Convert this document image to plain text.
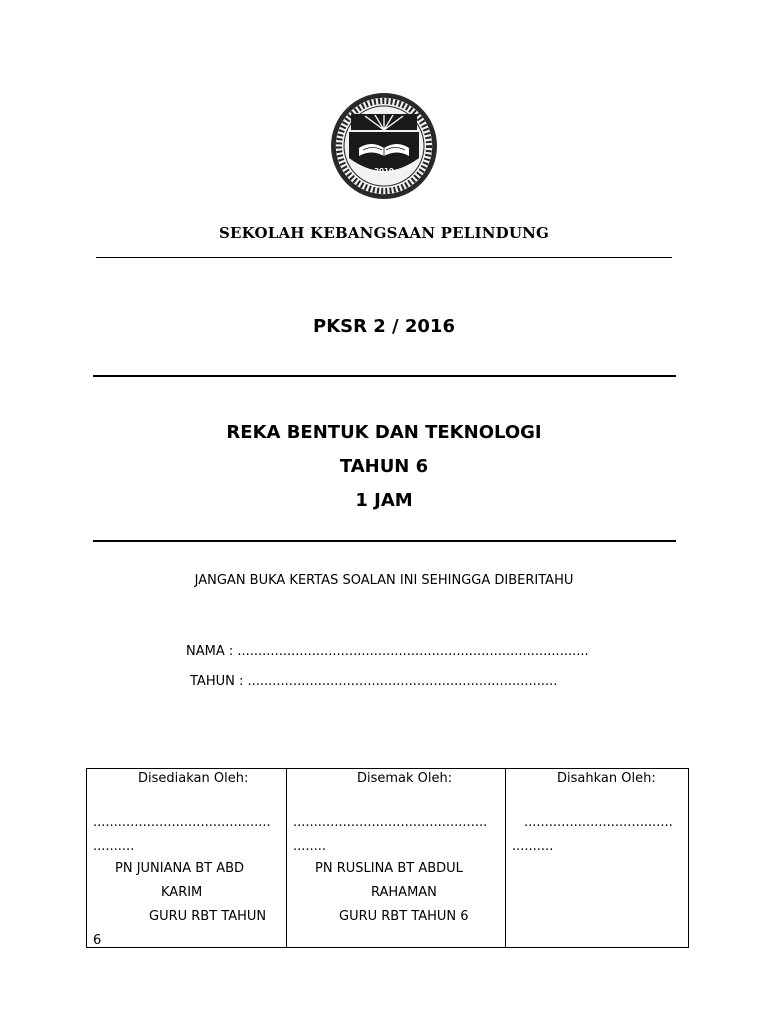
2010
SEKOLAH KEBANGSAAN PELINDUNG
PKSR 2 / 2016
REKA BENTUK DAN TEKNOLOGI
TAHUN 6
1 JAM
JANGAN BUKA KERTAS SOALAN INI SEHINGGA DIBERITAHU
NAMA : .....................................................................................
TAHUN : ...........................................................................
Disediakan Oleh:
...........................................
..........
PN JUNIANA BT ABD
KARIM
GURU RBT TAHUN
6
Disemak Oleh:
...............................................
........
PN RUSLINA BT ABDUL
RAHAMAN
GURU RBT TAHUN 6
Disahkan Oleh:
....................................
..........
